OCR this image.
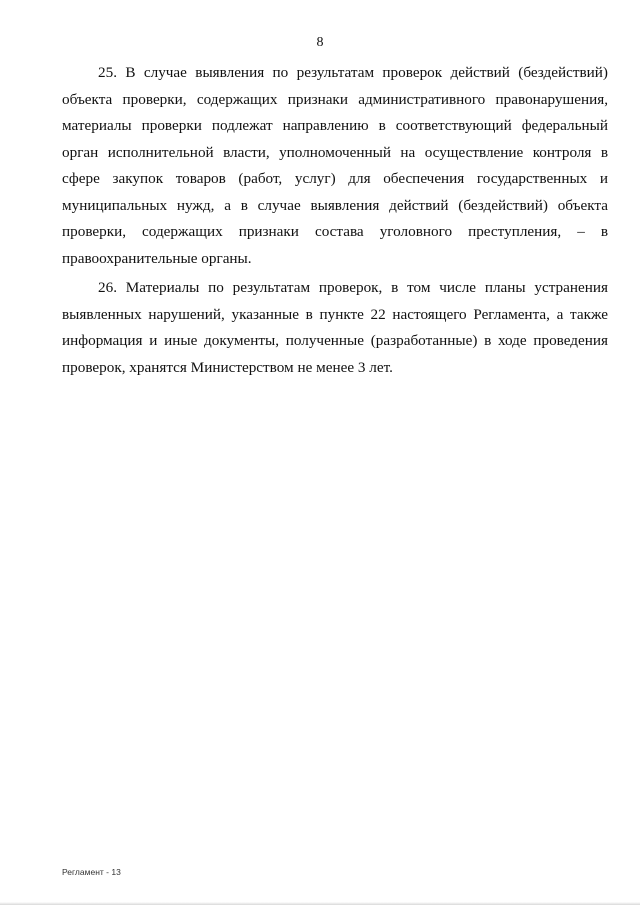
8

25. В случае выявления по результатам проверок действий (бездействий) объекта проверки, содержащих признаки административного правонарушения, материалы проверки подлежат направлению в соответствующий федеральный орган исполнительной власти, уполномоченный на осуществление контроля в сфере закупок товаров (работ, услуг) для обеспечения государственных и муниципальных нужд, а в случае выявления действий (бездействий) объекта проверки, содержащих признаки состава уголовного преступления, – в правоохранительные органы.

26. Материалы по результатам проверок, в том числе планы устранения выявленных нарушений, указанные в пункте 22 настоящего Регламента, а также информация и иные документы, полученные (разработанные) в ходе проведения проверок, хранятся Министерством не менее 3 лет.

Регламент - 13
